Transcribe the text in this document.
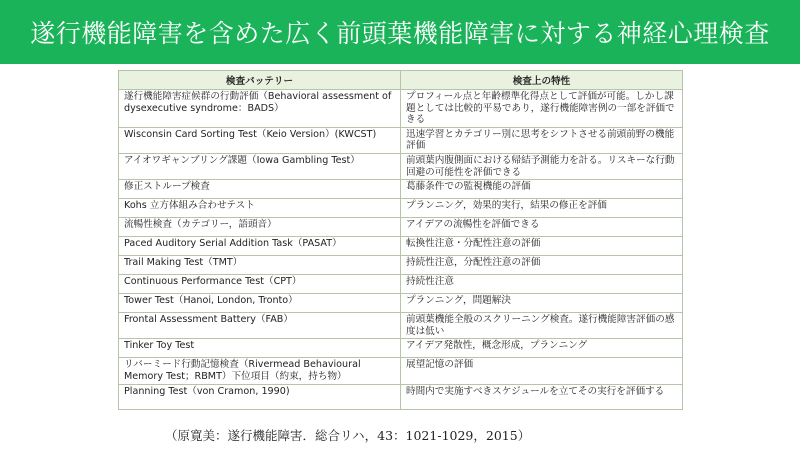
遂行機能障害を含めた広く前頭葉機能障害に対する神経心理検査
検査バッテリー	検査上の特性
遂行機能障害症候群の行動評価（Behavioral assessment of dysexecutive syndrome：BADS）	プロフィール点と年齢標準化得点として評価が可能。しかし課題としては比較的平易であり，遂行機能障害例の一部を評価できる
Wisconsin Card Sorting Test（Keio Version）(KWCST)	迅速学習とカテゴリー別に思考をシフトさせる前頭前野の機能評価
アイオワギャンブリング課題（Iowa Gambling Test）	前頭葉内腹側面における帰結予測能力を計る。リスキーな行動回避の可能性を評価できる
修正ストループ検査	葛藤条件での監視機能の評価
Kohs 立方体組み合わせテスト	プランニング，効果的実行，結果の修正を評価
流暢性検査（カテゴリー，語頭音）	アイデアの流暢性を評価できる
Paced Auditory Serial Addition Task（PASAT）	転換性注意・分配性注意の評価
Trail Making Test（TMT）	持続性注意，分配性注意の評価
Continuous Performance Test（CPT）	持続性注意
Tower Test（Hanoi, London, Tronto）	プランニング，問題解決
Frontal Assessment Battery（FAB）	前頭葉機能全般のスクリーニング検査。遂行機能障害評価の感度は低い
Tinker Toy Test	アイデア発散性，概念形成，プランニング
リバーミード行動記憶検査（Rivermead Behavioural Memory Test；RBMT）下位項目（約束，持ち物）	展望記憶の評価
Planning Test（von Cramon, 1990)	時間内で実施すべきスケジュールを立てその実行を評価する
（原寛美：遂行機能障害．総合リハ，43：1021-1029，2015）
